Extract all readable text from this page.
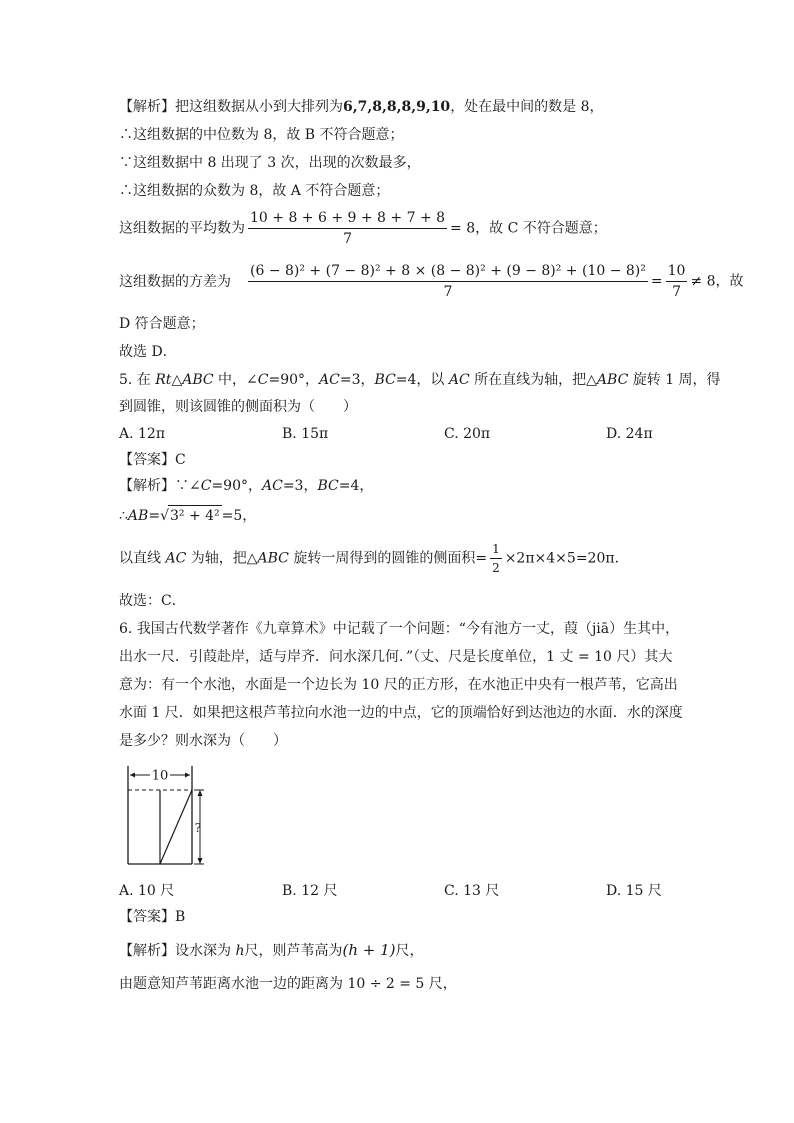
【解析】把这组数据从小到大排列为6,7,8,8,8,9,10，处在最中间的数是 8，
∴这组数据的中位数为 8，故 B 不符合题意；
∵这组数据中 8 出现了 3 次，出现的次数最多，
∴这组数据的众数为 8，故 A 不符合题意；
这组数据的平均数为 $\frac{10 + 8 + 6 + 9 + 8 + 7 + 8}{7} = 8$，故 C 不符合题意；
这组数据的方差为 $\frac{\text{(6 − 8)² + (7 − 8)² + 8 × (8 − 8)² + (9 − 8)² + (10 − 8)²}}{7} = \frac{10}{7} \ne 8$，故
D 符合题意；
故选 D．
5. 在 Rt△ABC 中，∠C=90°，AC=3，BC=4，以 AC 所在直线为轴，把△ABC 旋转 1 周，得
到圆锥，则该圆锥的侧面积为（　　）
A. 12π	B. 15π	C. 20π	D. 24π
【答案】C
【解析】∵∠C=90°，AC=3，BC=4，
∴AB=√3² + 4² =5，
以直线 AC 为轴，把△ABC 旋转一周得到的圆锥的侧面积= $\frac{1}{2} \times 2\pi\times 4\times 5=20\pi$．
故选：C．
6. 我国古代数学著作《九章算术》中记载了一个问题：“今有池方一丈，葭（jiā）生其中，
出水一尺．引葭赴岸，适与岸齐．问水深几何．”（丈、尺是长度单位，1 丈 = 10 尺）其大
意为：有一个水池，水面是一个边长为 10 尺的正方形，在水池正中央有一根芦苇，它高出
水面 1 尺．如果把这根芦苇拉向水池一边的中点，它的顶端恰好到达池边的水面．水的深度
是多少？则水深为（　　）
10
?
A. 10 尺	B. 12 尺	C. 13 尺	D. 15 尺
【答案】B
【解析】设水深为 h尺，则芦苇高为(h + 1)尺，
由题意知芦苇距离水池一边的距离为 10 ÷ 2 = 5 尺，
